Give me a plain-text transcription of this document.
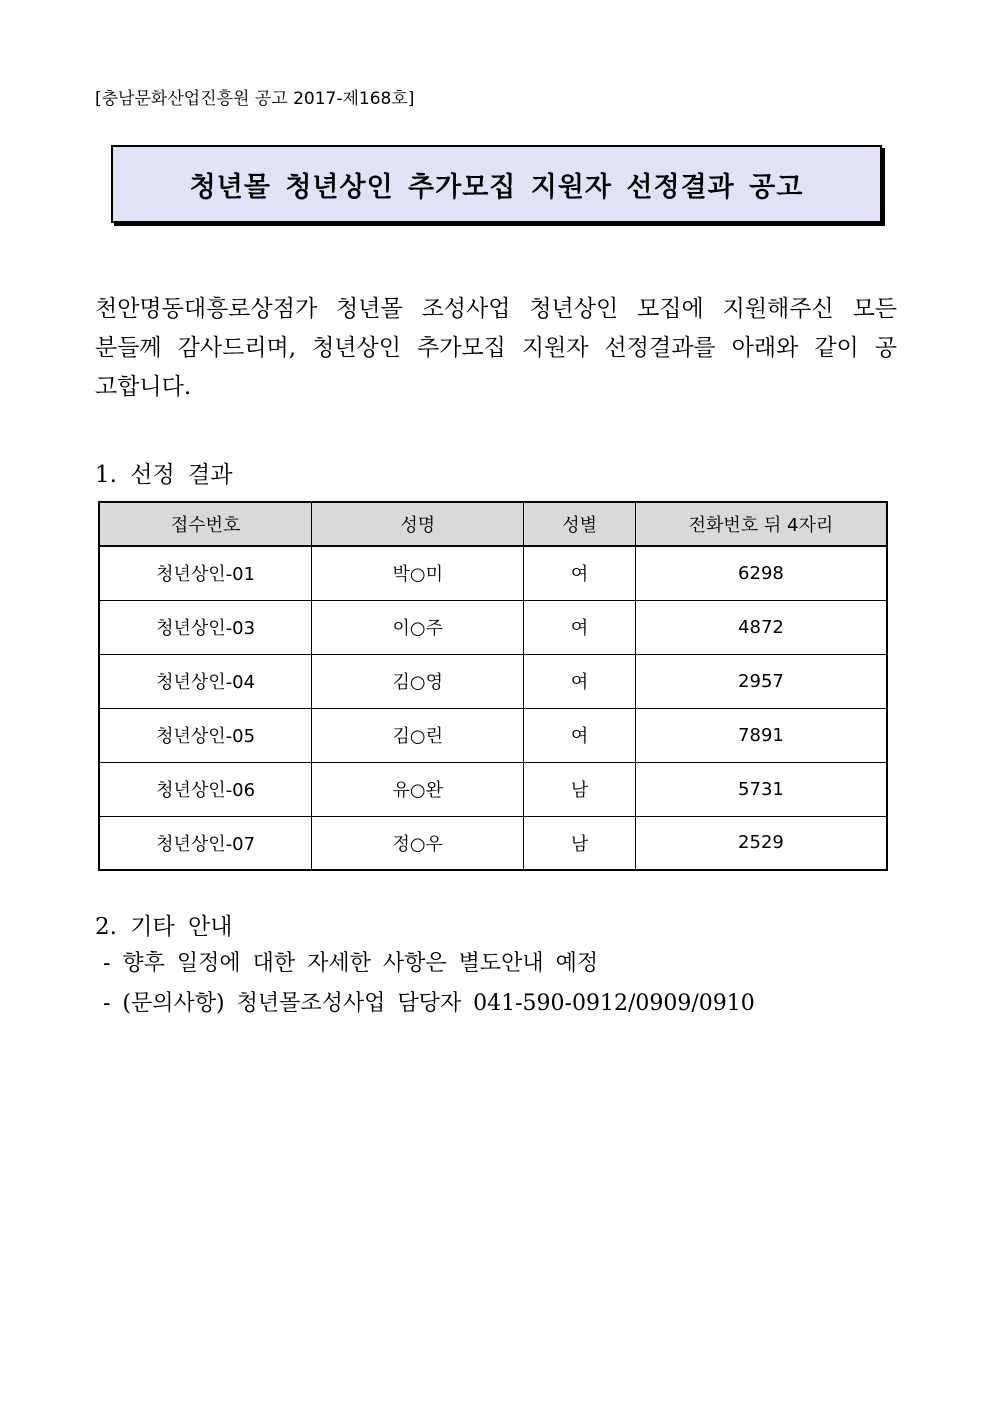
[충남문화산업진흥원 공고 2017-제168호]
청년몰 청년상인 추가모집 지원자 선정결과 공고
천안명동대흥로상점가 청년몰 조성사업 청년상인 모집에 지원해주신 모든 분들께 감사드리며, 청년상인 추가모집 지원자 선정결과를 아래와 같이 공고합니다.
1. 선정 결과
접수번호	성명	성별	전화번호 뒤 4자리
청년상인-01	박○미	여	6298
청년상인-03	이○주	여	4872
청년상인-04	김○영	여	2957
청년상인-05	김○린	여	7891
청년상인-06	유○완	남	5731
청년상인-07	정○우	남	2529
2. 기타 안내
- 향후 일정에 대한 자세한 사항은 별도안내 예정
- (문의사항) 청년몰조성사업 담당자 041-590-0912/0909/0910
